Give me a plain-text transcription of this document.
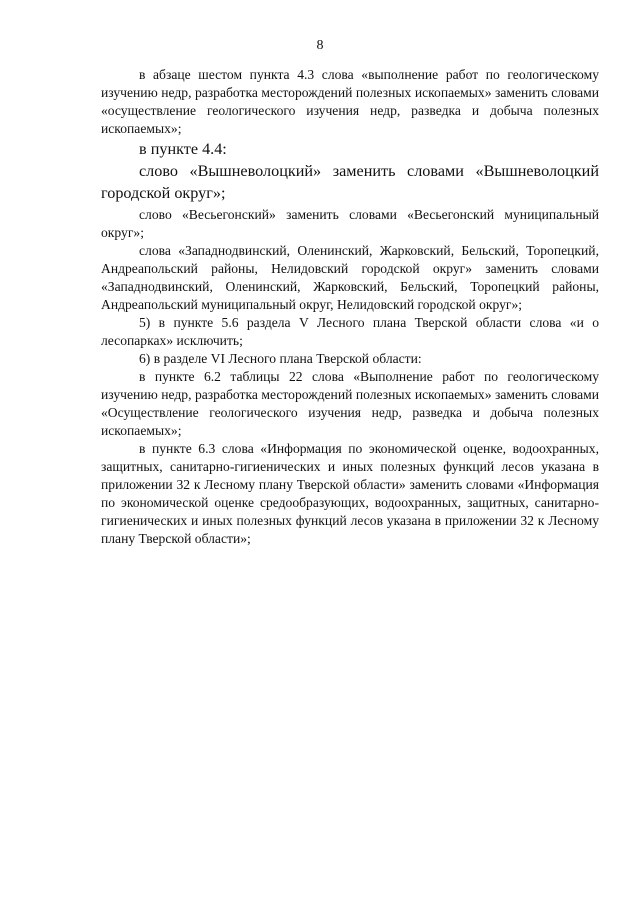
8

в абзаце шестом пункта 4.3 слова «выполнение работ по геологическому изучению недр, разработка месторождений полезных ископаемых» заменить словами «осуществление геологического изучения недр, разведка и добыча полезных ископаемых»;

в пункте 4.4:

слово «Вышневолоцкий» заменить словами «Вышневолоцкий городской округ»;

слово «Весьегонский» заменить словами «Весьегонский муниципальный округ»;

слова «Западнодвинский, Оленинский, Жарковский, Бельский, Торопецкий, Андреапольский районы, Нелидовский городской округ» заменить словами «Западнодвинский, Оленинский, Жарковский, Бельский, Торопецкий районы, Андреапольский муниципальный округ, Нелидовский городской округ»;

5) в пункте 5.6 раздела V Лесного плана Тверской области слова «и о лесопарках» исключить;

6) в разделе VI Лесного плана Тверской области:

в пункте 6.2 таблицы 22 слова «Выполнение работ по геологическому изучению недр, разработка месторождений полезных ископаемых» заменить словами «Осуществление геологического изучения недр, разведка и добыча полезных ископаемых»;

в пункте 6.3 слова «Информация по экономической оценке, водоохранных, защитных, санитарно-гигиенических и иных полезных функций лесов указана в приложении 32 к Лесному плану Тверской области» заменить словами «Информация по экономической оценке средообразующих, водоохранных, защитных, санитарно-гигиенических и иных полезных функций лесов указана в приложении 32 к Лесному плану Тверской области»;
